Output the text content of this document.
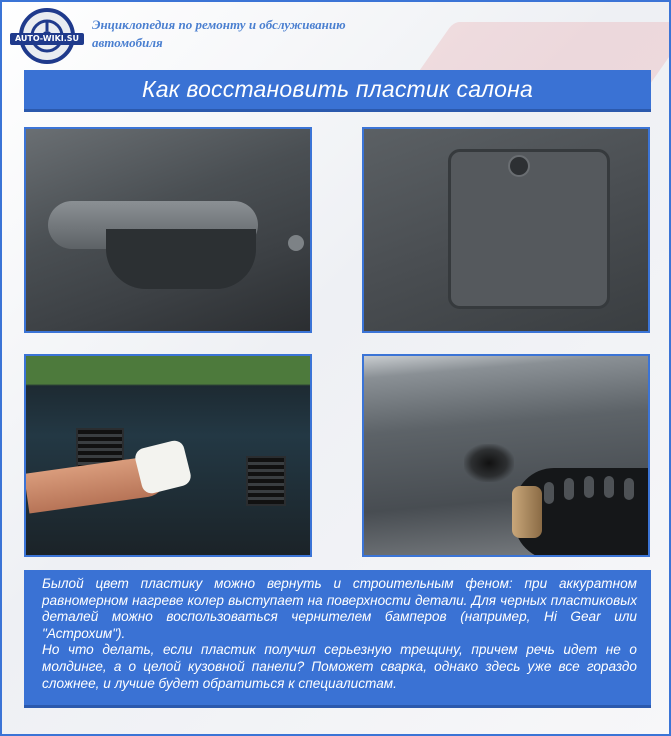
AUTO-WIKI.SU
Энциклопедия по ремонту и обслуживанию
автомобиля
Как восстановить пластик салона

Былой цвет пластику можно вернуть и строительным феном: при аккуратном равномерном нагреве колер выступает на поверхности детали. Для черных пластиковых деталей можно воспользоваться чернителем бамперов (например, Hi Gear или "Астрохим").

Но что делать, если пластик получил серьезную трещину, причем речь идет не о молдинге, а о целой кузовной панели? Поможет сварка, однако здесь уже все гораздо сложнее, и лучше будет обратиться к специалистам.
